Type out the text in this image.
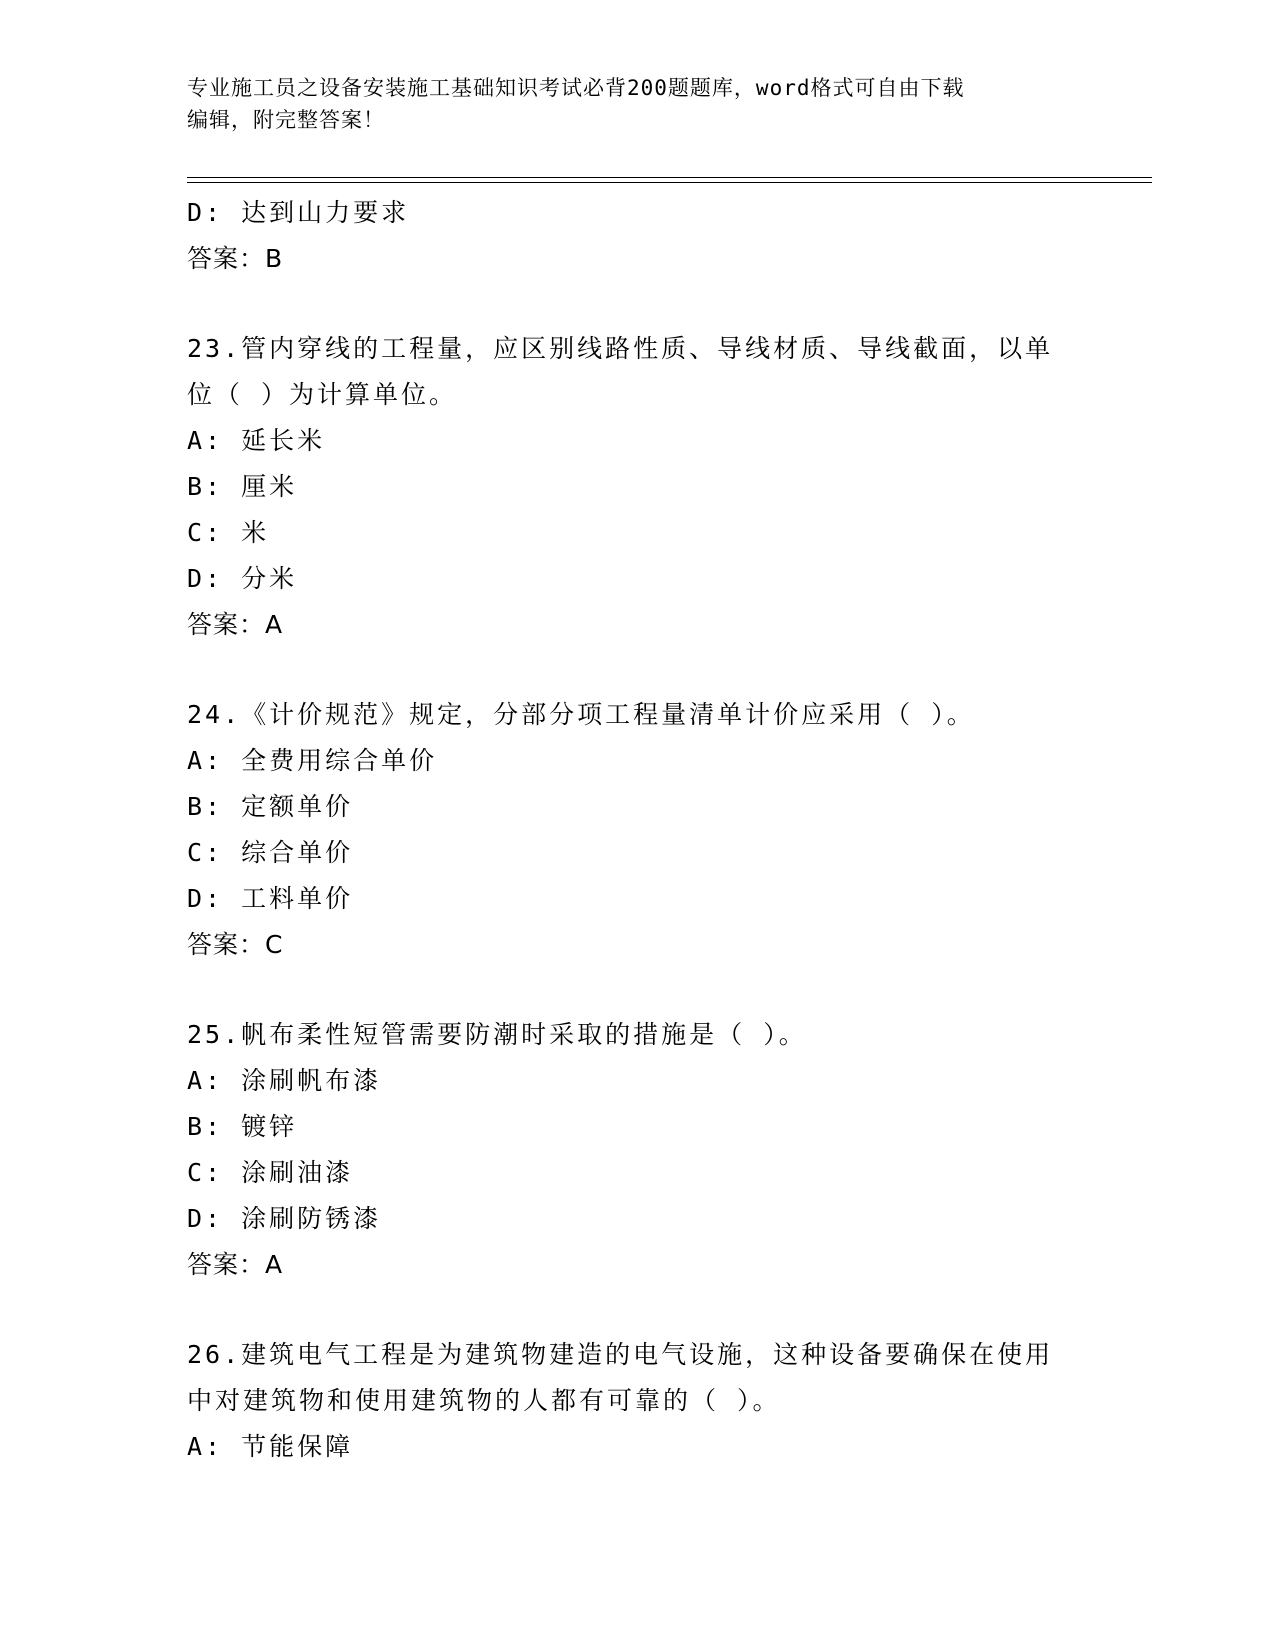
专业施工员之设备安装施工基础知识考试必背200题题库，word格式可自由下载
编辑，附完整答案！
D: 达到山力要求
答案：B
23.管内穿线的工程量，应区别线路性质、导线材质、导线截面，以单
位（ ）为计算单位。
A: 延长米
B: 厘米
C: 米
D: 分米
答案：A
24.《计价规范》规定，分部分项工程量清单计价应采用（ ）。
A: 全费用综合单价
B: 定额单价
C: 综合单价
D: 工料单价
答案：C
25.帆布柔性短管需要防潮时采取的措施是（ ）。
A: 涂刷帆布漆
B: 镀锌
C: 涂刷油漆
D: 涂刷防锈漆
答案：A
26.建筑电气工程是为建筑物建造的电气设施，这种设备要确保在使用
中对建筑物和使用建筑物的人都有可靠的（ ）。
A: 节能保障
